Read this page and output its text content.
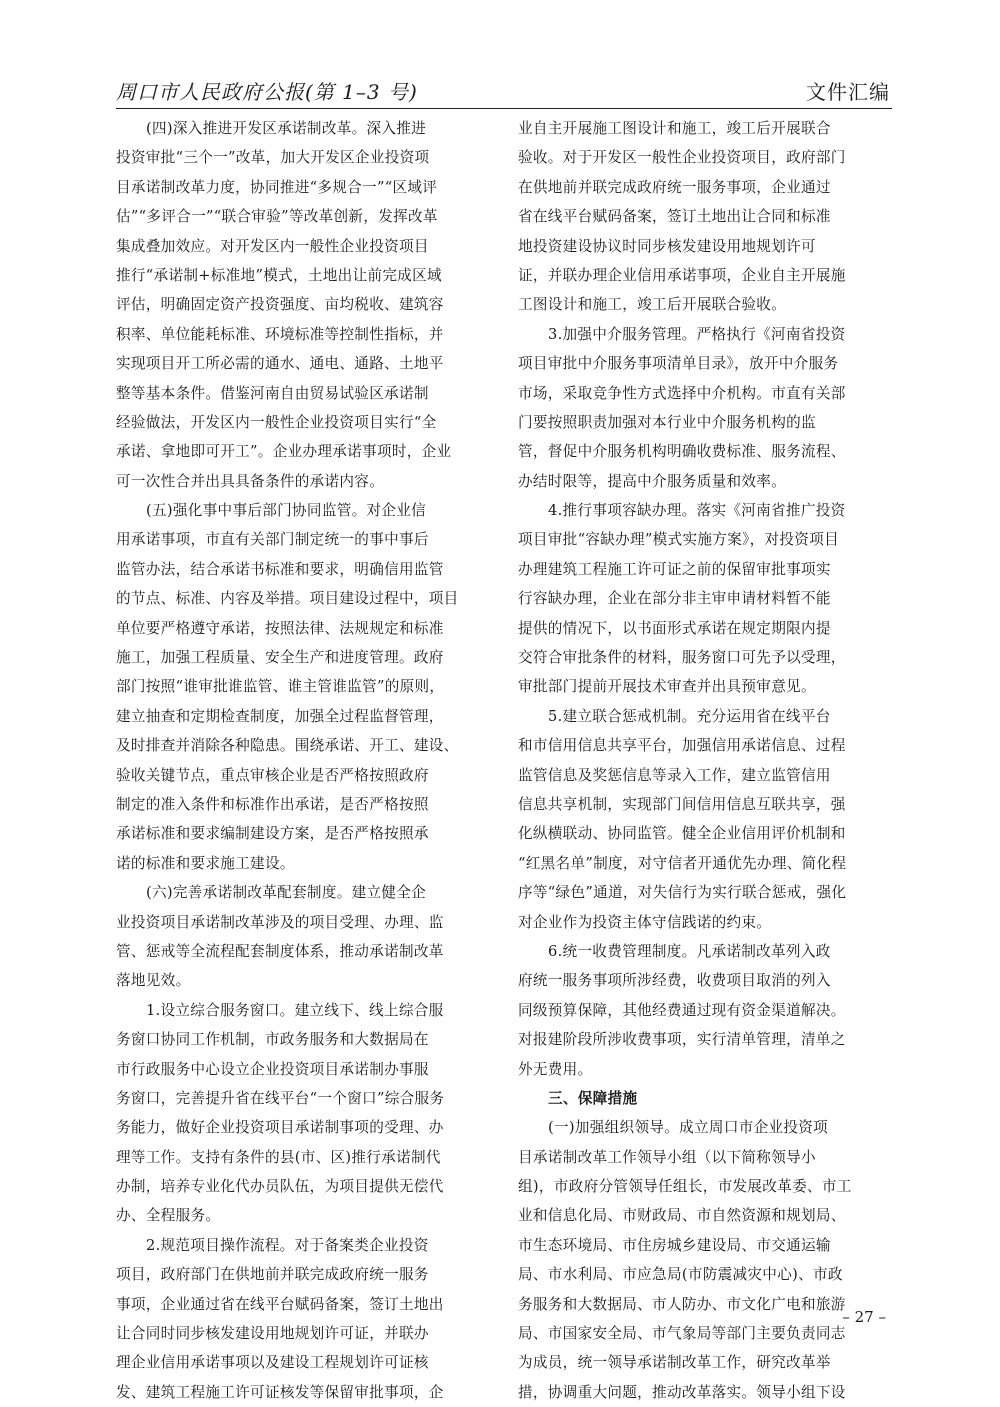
周口市人民政府公报(第 1–3 号)	文件汇编
(四)深入推进开发区承诺制改革。深入推进
投资审批“三个一”改革，加大开发区企业投资项
目承诺制改革力度，协同推进“多规合一”“区域评
估”“多评合一”“联合审验”等改革创新，发挥改革
集成叠加效应。对开发区内一般性企业投资项目
推行“承诺制+标准地”模式，土地出让前完成区域
评估，明确固定资产投资强度、亩均税收、建筑容
积率、单位能耗标准、环境标准等控制性指标，并
实现项目开工所必需的通水、通电、通路、土地平
整等基本条件。借鉴河南自由贸易试验区承诺制
经验做法，开发区内一般性企业投资项目实行“全
承诺、拿地即可开工”。企业办理承诺事项时，企业
可一次性合并出具具备条件的承诺内容。
(五)强化事中事后部门协同监管。对企业信
用承诺事项，市直有关部门制定统一的事中事后
监管办法，结合承诺书标准和要求，明确信用监管
的节点、标准、内容及举措。项目建设过程中，项目
单位要严格遵守承诺，按照法律、法规规定和标准
施工，加强工程质量、安全生产和进度管理。政府
部门按照“谁审批谁监管、谁主管谁监管”的原则，
建立抽查和定期检查制度，加强全过程监督管理，
及时排查并消除各种隐患。围绕承诺、开工、建设、
验收关键节点，重点审核企业是否严格按照政府
制定的准入条件和标准作出承诺，是否严格按照
承诺标准和要求编制建设方案，是否严格按照承
诺的标准和要求施工建设。
(六)完善承诺制改革配套制度。建立健全企
业投资项目承诺制改革涉及的项目受理、办理、监
管、惩戒等全流程配套制度体系，推动承诺制改革
落地见效。
1.设立综合服务窗口。建立线下、线上综合服
务窗口协同工作机制，市政务服务和大数据局在
市行政服务中心设立企业投资项目承诺制办事服
务窗口，完善提升省在线平台“一个窗口”综合服务
务能力，做好企业投资项目承诺制事项的受理、办
理等工作。支持有条件的县(市、区)推行承诺制代
办制，培养专业化代办员队伍，为项目提供无偿代
办、全程服务。
2.规范项目操作流程。对于备案类企业投资
项目，政府部门在供地前并联完成政府统一服务
事项，企业通过省在线平台赋码备案，签订土地出
让合同时同步核发建设用地规划许可证，并联办
理企业信用承诺事项以及建设工程规划许可证核
发、建筑工程施工许可证核发等保留审批事项，企
业自主开展施工图设计和施工，竣工后开展联合
验收。对于开发区一般性企业投资项目，政府部门
在供地前并联完成政府统一服务事项，企业通过
省在线平台赋码备案，签订土地出让合同和标准
地投资建设协议时同步核发建设用地规划许可
证，并联办理企业信用承诺事项，企业自主开展施
工图设计和施工，竣工后开展联合验收。
3.加强中介服务管理。严格执行《河南省投资
项目审批中介服务事项清单目录》，放开中介服务
市场，采取竞争性方式选择中介机构。市直有关部
门要按照职责加强对本行业中介服务机构的监
管，督促中介服务机构明确收费标准、服务流程、
办结时限等，提高中介服务质量和效率。
4.推行事项容缺办理。落实《河南省推广投资
项目审批“容缺办理”模式实施方案》，对投资项目
办理建筑工程施工许可证之前的保留审批事项实
行容缺办理，企业在部分非主审申请材料暂不能
提供的情况下，以书面形式承诺在规定期限内提
交符合审批条件的材料，服务窗口可先予以受理，
审批部门提前开展技术审查并出具预审意见。
5.建立联合惩戒机制。充分运用省在线平台
和市信用信息共享平台，加强信用承诺信息、过程
监管信息及奖惩信息等录入工作，建立监管信用
信息共享机制，实现部门间信用信息互联共享，强
化纵横联动、协同监管。健全企业信用评价机制和
“红黑名单”制度，对守信者开通优先办理、简化程
序等“绿色”通道，对失信行为实行联合惩戒，强化
对企业作为投资主体守信践诺的约束。
6.统一收费管理制度。凡承诺制改革列入政
府统一服务事项所涉经费，收费项目取消的列入
同级预算保障，其他经费通过现有资金渠道解决。
对报建阶段所涉收费事项，实行清单管理，清单之
外无费用。
三、保障措施
(一)加强组织领导。成立周口市企业投资项
目承诺制改革工作领导小组（以下简称领导小
组)，市政府分管领导任组长，市发展改革委、市工
业和信息化局、市财政局、市自然资源和规划局、
市生态环境局、市住房城乡建设局、市交通运输
局、市水利局、市应急局(市防震减灾中心)、市政
务服务和大数据局、市人防办、市文化广电和旅游
局、市国家安全局、市气象局等部门主要负责同志
为成员，统一领导承诺制改革工作，研究改革举
措，协调重大问题，推动改革落实。领导小组下设
– 27 –
